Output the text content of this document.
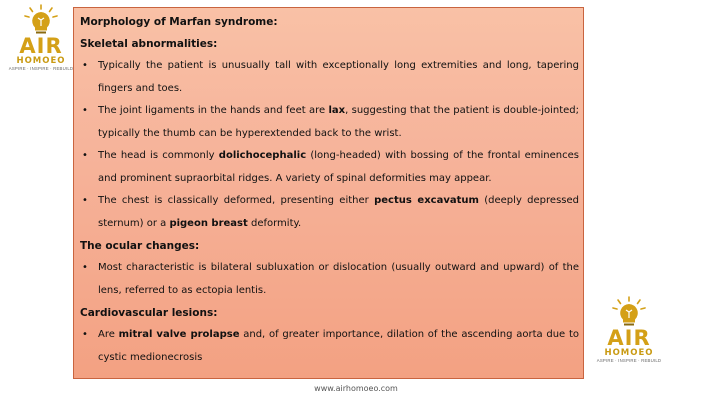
AIR
HOMOEO
ASPIRE · INSPIRE · REBUILD
Morphology of Marfan syndrome:
Skeletal abnormalities:
• Typically the patient is unusually tall with exceptionally long extremities and long, tapering fingers and toes.
• The joint ligaments in the hands and feet are lax, suggesting that the patient is double-jointed; typically the thumb can be hyperextended back to the wrist.
• The head is commonly dolichocephalic (long-headed) with bossing of the frontal eminences and prominent supraorbital ridges. A variety of spinal deformities may appear.
• The chest is classically deformed, presenting either pectus excavatum (deeply depressed sternum) or a pigeon breast deformity.
The ocular changes:
• Most characteristic is bilateral subluxation or dislocation (usually outward and upward) of the lens, referred to as ectopia lentis.
Cardiovascular lesions:
• Are mitral valve prolapse and, of greater importance, dilation of the ascending aorta due to cystic medionecrosis
AIR
HOMOEO
ASPIRE · INSPIRE · REBUILD
www.airhomoeo.com
